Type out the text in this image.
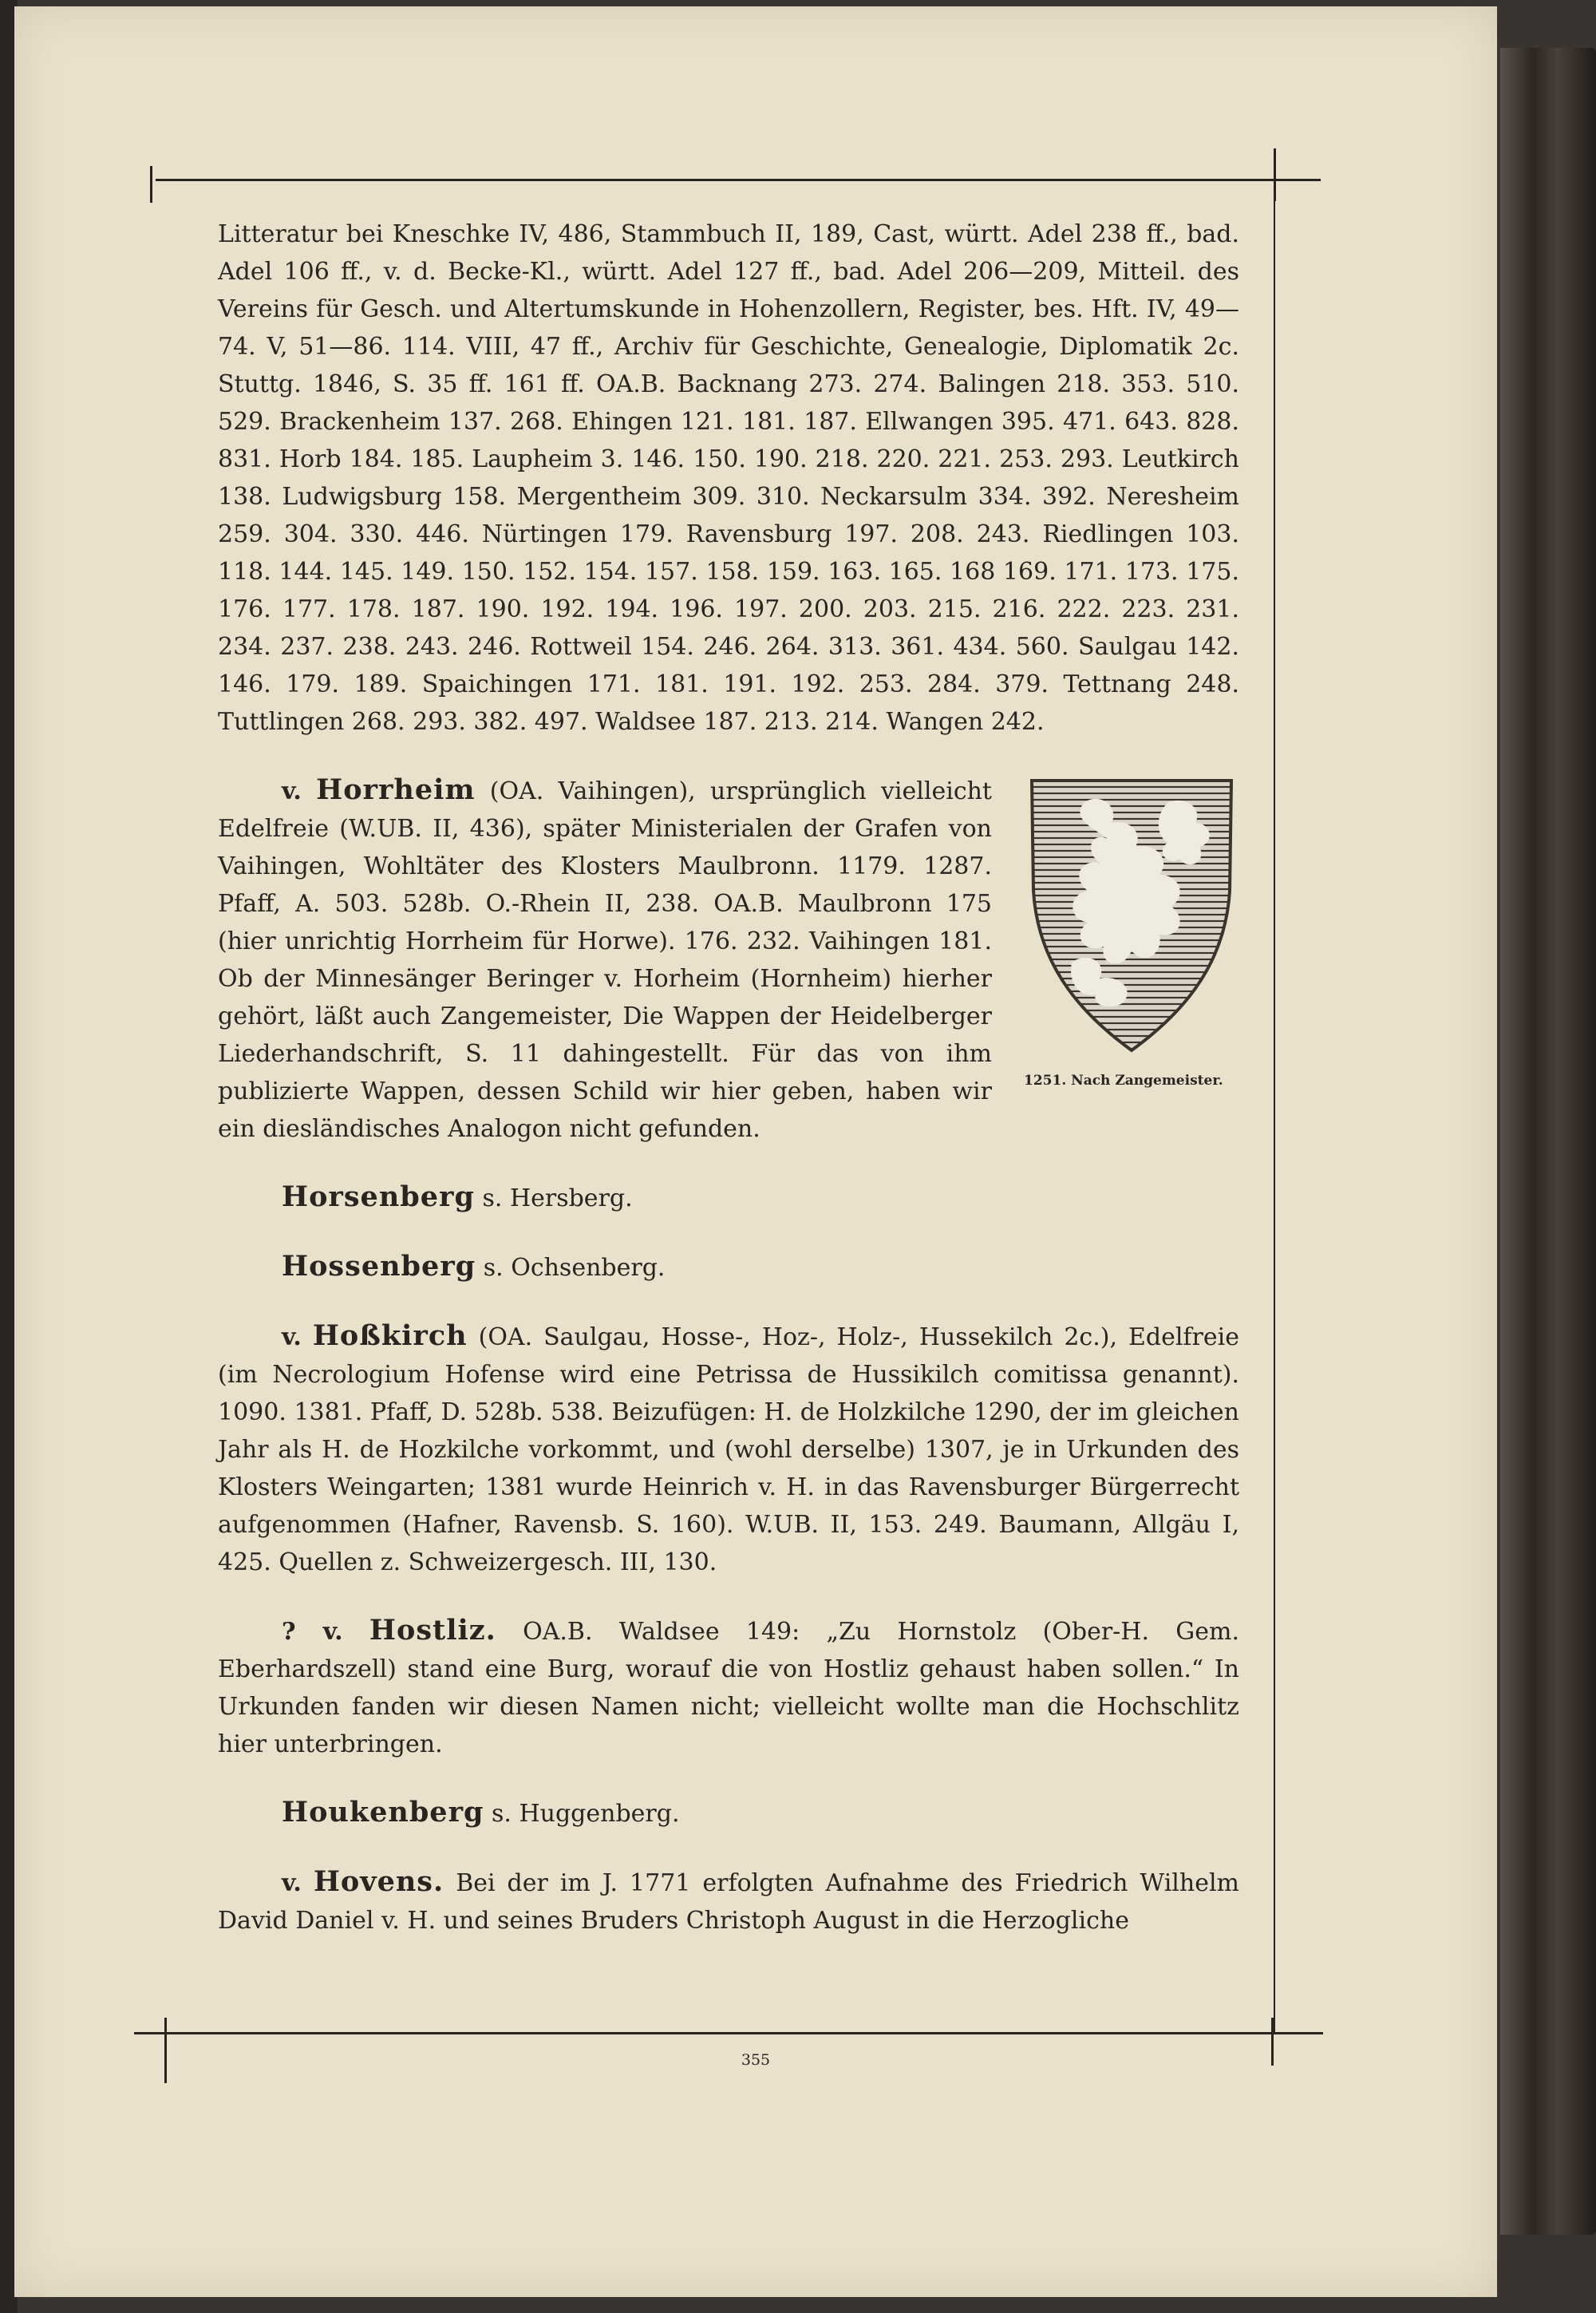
Litteratur bei Kneschke IV, 486, Stammbuch II, 189, Cast, württ. Adel 238 ff., bad. Adel 106 ff., v. d. Becke-Kl., württ. Adel 127 ff., bad. Adel 206—209, Mitteil. des Vereins für Gesch. und Altertumskunde in Hohenzollern, Register, bes. Hft. IV, 49—74. V, 51—86. 114. VIII, 47 ff., Archiv für Geschichte, Genealogie, Diplomatik 2c. Stuttg. 1846, S. 35 ff. 161 ff. OA.B. Backnang 273. 274. Balingen 218. 353. 510. 529. Brackenheim 137. 268. Ehingen 121. 181. 187. Ellwangen 395. 471. 643. 828. 831. Horb 184. 185. Laupheim 3. 146. 150. 190. 218. 220. 221. 253. 293. Leutkirch 138. Ludwigsburg 158. Mergentheim 309. 310. Neckarsulm 334. 392. Neresheim 259. 304. 330. 446. Nürtingen 179. Ravensburg 197. 208. 243. Riedlingen 103. 118. 144. 145. 149. 150. 152. 154. 157. 158. 159. 163. 165. 168 169. 171. 173. 175. 176. 177. 178. 187. 190. 192. 194. 196. 197. 200. 203. 215. 216. 222. 223. 231. 234. 237. 238. 243. 246. Rottweil 154. 246. 264. 313. 361. 434. 560. Saulgau 142. 146. 179. 189. Spaichingen 171. 181. 191. 192. 253. 284. 379. Tettnang 248. Tuttlingen 268. 293. 382. 497. Waldsee 187. 213. 214. Wangen 242.

1251. Nach Zangemeister.
v. Horrheim (OA. Vaihingen), ursprünglich vielleicht Edelfreie (W.UB. II, 436), später Ministerialen der Grafen von Vaihingen, Wohltäter des Klosters Maulbronn. 1179. 1287. Pfaff, A. 503. 528b. O.-Rhein II, 238. OA.B. Maulbronn 175 (hier unrichtig Horrheim für Horwe). 176. 232. Vaihingen 181. Ob der Minnesänger Beringer v. Horheim (Hornheim) hierher gehört, läßt auch Zangemeister, Die Wappen der Heidelberger Liederhandschrift, S. 11 dahingestellt. Für das von ihm publizierte Wappen, dessen Schild wir hier geben, haben wir ein diesländisches Analogon nicht gefunden.

Horsenberg s. Hersberg.

Hossenberg s. Ochsenberg.

v. Hoßkirch (OA. Saulgau, Hosse-, Hoz-, Holz-, Hussekilch 2c.), Edelfreie (im Necrologium Hofense wird eine Petrissa de Hussikilch comitissa genannt). 1090. 1381. Pfaff, D. 528b. 538. Beizufügen: H. de Holzkilche 1290, der im gleichen Jahr als H. de Hozkilche vorkommt, und (wohl derselbe) 1307, je in Urkunden des Klosters Weingarten; 1381 wurde Heinrich v. H. in das Ravensburger Bürgerrecht aufgenommen (Hafner, Ravensb. S. 160). W.UB. II, 153. 249. Baumann, Allgäu I, 425. Quellen z. Schweizergesch. III, 130.

? v. Hostliz. OA.B. Waldsee 149: „Zu Hornstolz (Ober-H. Gem. Eberhardszell) stand eine Burg, worauf die von Hostliz gehaust haben sollen.“ In Urkunden fanden wir diesen Namen nicht; vielleicht wollte man die Hochschlitz hier unterbringen.

Houkenberg s. Huggenberg.

v. Hovens. Bei der im J. 1771 erfolgten Aufnahme des Friedrich Wilhelm David Daniel v. H. und seines Bruders Christoph August in die Herzogliche

355
